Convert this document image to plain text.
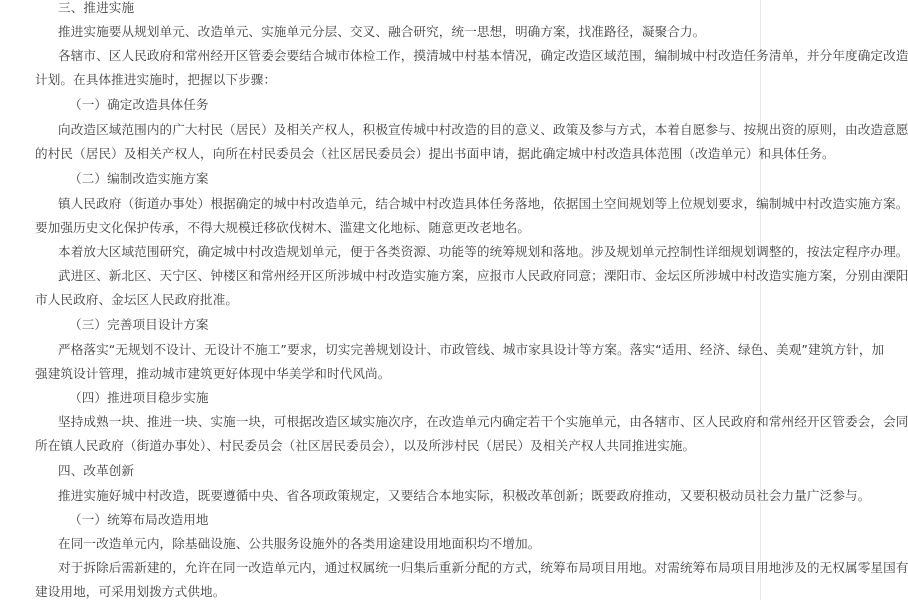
三、推进实施
推进实施要从规划单元、改造单元、实施单元分层、交叉、融合研究，统一思想，明确方案，找准路径，凝聚合力。
各辖市、区人民政府和常州经开区管委会要结合城市体检工作，摸清城中村基本情况，确定改造区域范围，编制城中村改造任务清单，并分年度确定改造
计划。在具体推进实施时，把握以下步骤：
（一）确定改造具体任务
向改造区域范围内的广大村民（居民）及相关产权人，积极宣传城中村改造的目的意义、政策及参与方式，本着自愿参与、按规出资的原则，由改造意愿
的村民（居民）及相关产权人，向所在村民委员会（社区居民委员会）提出书面申请，据此确定城中村改造具体范围（改造单元）和具体任务。
（二）编制改造实施方案
镇人民政府（街道办事处）根据确定的城中村改造单元，结合城中村改造具体任务落地，依据国土空间规划等上位规划要求，编制城中村改造实施方案。
要加强历史文化保护传承，不得大规模迁移砍伐树木、滥建文化地标、随意更改老地名。
本着放大区域范围研究，确定城中村改造规划单元，便于各类资源、功能等的统筹规划和落地。涉及规划单元控制性详细规划调整的，按法定程序办理。
武进区、新北区、天宁区、钟楼区和常州经开区所涉城中村改造实施方案，应报市人民政府同意；溧阳市、金坛区所涉城中村改造实施方案，分别由溧阳
市人民政府、金坛区人民政府批准。
（三）完善项目设计方案
严格落实“无规划不设计、无设计不施工”要求，切实完善规划设计、市政管线、城市家具设计等方案。落实“适用、经济、绿色、美观”建筑方针，加
强建筑设计管理，推动城市建筑更好体现中华美学和时代风尚。
（四）推进项目稳步实施
坚持成熟一块、推进一块、实施一块，可根据改造区域实施次序，在改造单元内确定若干个实施单元，由各辖市、区人民政府和常州经开区管委会，会同
所在镇人民政府（街道办事处）、村民委员会（社区居民委员会），以及所涉村民（居民）及相关产权人共同推进实施。
四、改革创新
推进实施好城中村改造，既要遵循中央、省各项政策规定，又要结合本地实际，积极改革创新；既要政府推动，又要积极动员社会力量广泛参与。
（一）统筹布局改造用地
在同一改造单元内，除基础设施、公共服务设施外的各类用途建设用地面积均不增加。
对于拆除后需新建的，允许在同一改造单元内，通过权属统一归集后重新分配的方式，统筹布局项目用地。对需统筹布局项目用地涉及的无权属零星国有
建设用地，可采用划拨方式供地。
